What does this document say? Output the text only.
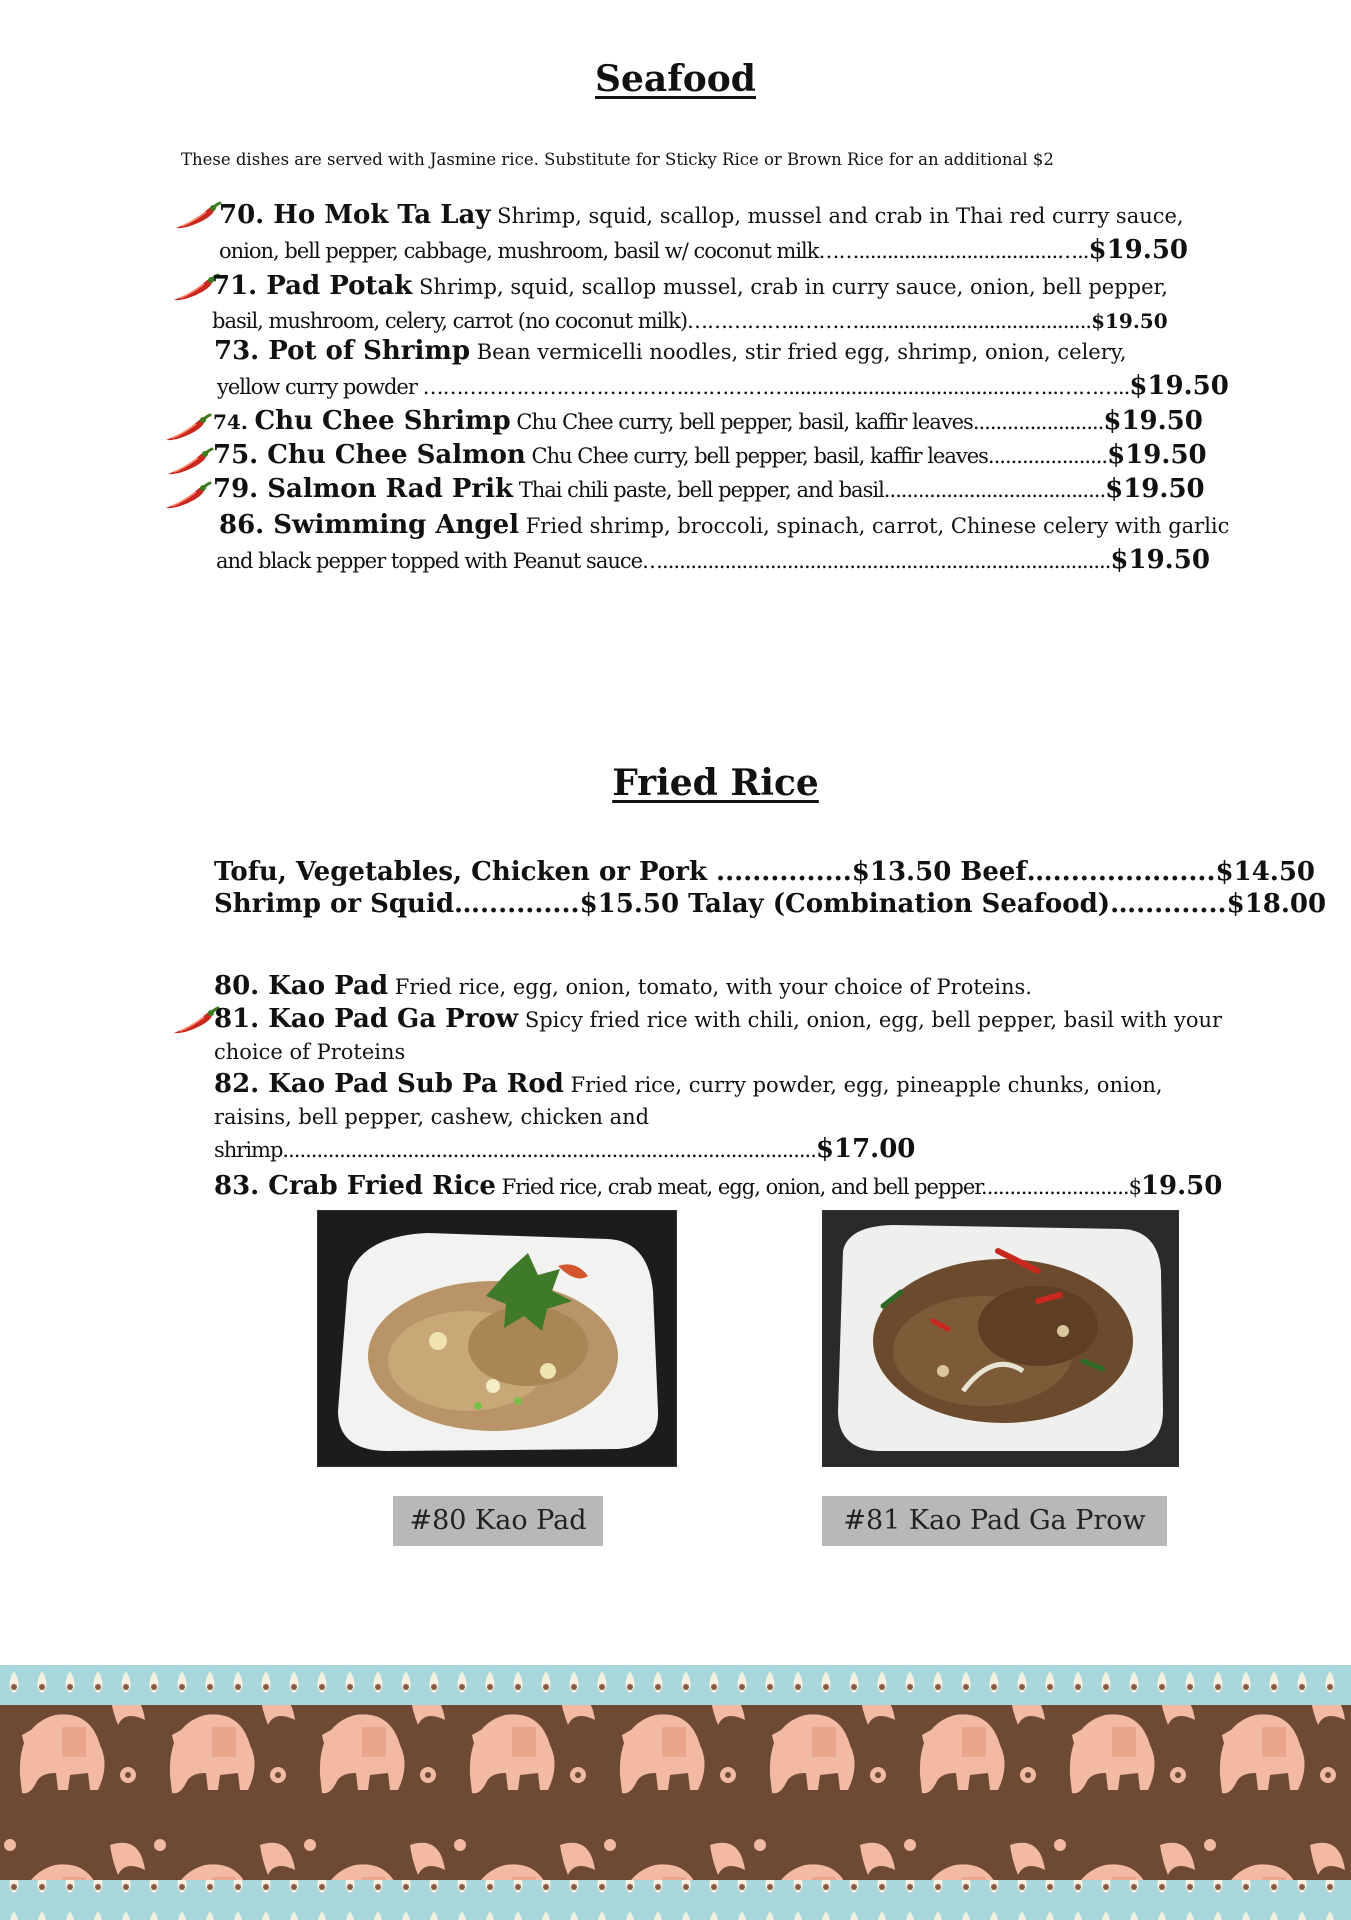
Seafood
These dishes are served with Jasmine rice. Substitute for Sticky Rice or Brown Rice for an additional $2
70. Ho Mok Ta Lay Shrimp, squid, scallop, mussel and crab in Thai red curry sauce,
onion, bell pepper, cabbage, mushroom, basil w/ coconut milk……...................................…..$19.50
71. Pad Potak Shrimp, squid, scallop mussel, crab in curry sauce, onion, bell pepper,
basil, mushroom, celery, carrot (no coconut milk)……………..……….........................................$19.50
73. Pot of Shrimp Bean vermicelli noodles, stir fried egg, shrimp, onion, celery,
yellow curry powder ………………………………….……………..........................................…..………..$19.50
74. Chu Chee Shrimp Chu Chee curry, bell pepper, basil, kaffir leaves.......................$19.50
75. Chu Chee Salmon Chu Chee curry, bell pepper, basil, kaffir leaves.....................$19.50
79. Salmon Rad Prik Thai chili paste, bell pepper, and basil.......................................$19.50
86. Swimming Angel Fried shrimp, broccoli, spinach, carrot, Chinese celery with garlic
and black pepper topped with Peanut sauce…...............................................................................$19.50
Fried Rice
Tofu, Vegetables, Chicken or Pork ...............$13.50 Beef…..................$14.50
Shrimp or Squid…...........$15.50 Talay (Combination Seafood)…..........$18.00
80. Kao Pad Fried rice, egg, onion, tomato, with your choice of Proteins.
81. Kao Pad Ga Prow Spicy fried rice with chili, onion, egg, bell pepper, basil with your
choice of Proteins
82. Kao Pad Sub Pa Rod Fried rice, curry powder, egg, pineapple chunks, onion,
raisins, bell pepper, cashew, chicken and
shrimp..............................................................................................$17.00
83. Crab Fried Rice Fried rice, crab meat, egg, onion, and bell pepper..........................$19.50
#80 Kao Pad	#81 Kao Pad Ga Prow
